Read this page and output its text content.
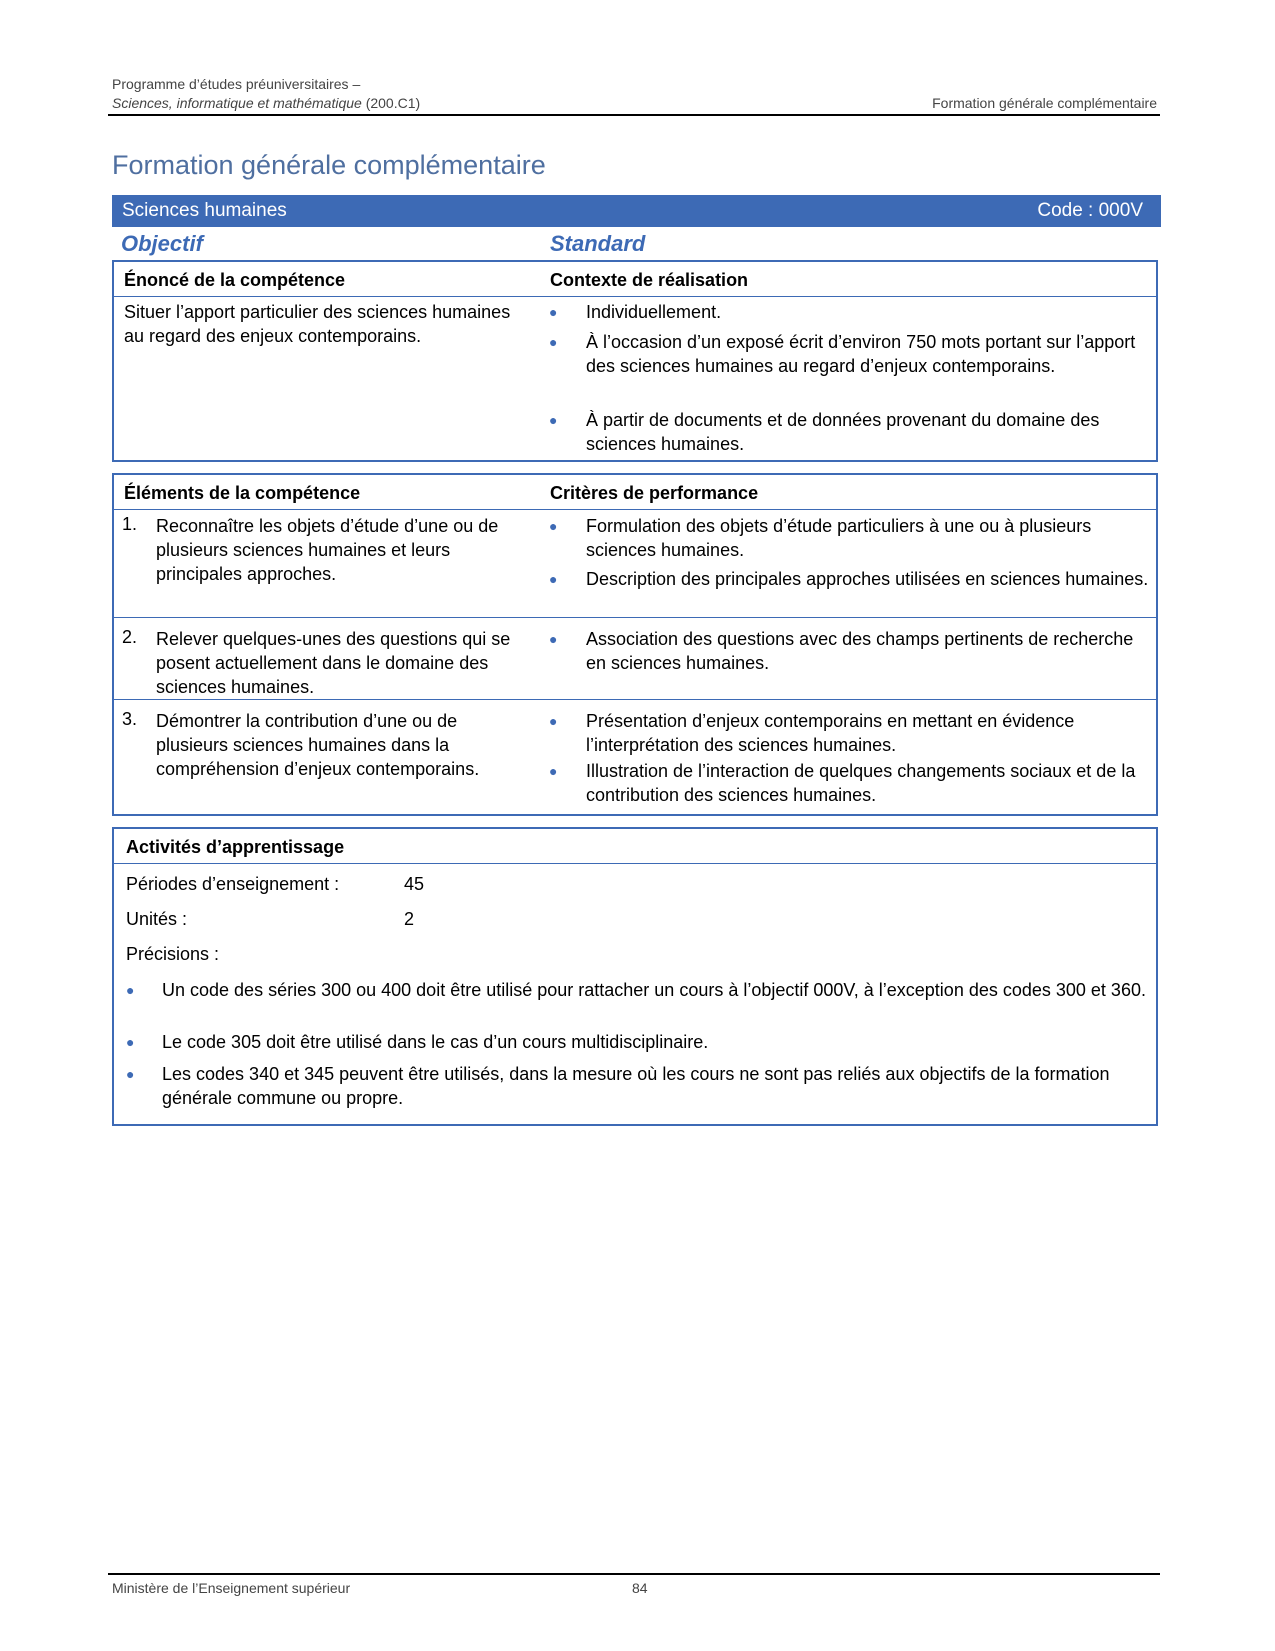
Programme d’études préuniversitaires –
Sciences, informatique et mathématique (200.C1)	Formation générale complémentaire
Formation générale complémentaire
Sciences humaines	Code : 000V
Objectif	Standard
Énoncé de la compétence	Contexte de réalisation
Situer l’apport particulier des sciences humaines au regard des enjeux contemporains.
● Individuellement.
● À l’occasion d’un exposé écrit d’environ 750 mots portant sur l’apport des sciences humaines au regard d’enjeux contemporains.
● À partir de documents et de données provenant du domaine des sciences humaines.
Éléments de la compétence	Critères de performance
1. Reconnaître les objets d’étude d’une ou de plusieurs sciences humaines et leurs principales approches.
● Formulation des objets d’étude particuliers à une ou à plusieurs sciences humaines.
● Description des principales approches utilisées en sciences humaines.
2. Relever quelques-unes des questions qui se posent actuellement dans le domaine des sciences humaines.
● Association des questions avec des champs pertinents de recherche en sciences humaines.
3. Démontrer la contribution d’une ou de plusieurs sciences humaines dans la compréhension d’enjeux contemporains.
● Présentation d’enjeux contemporains en mettant en évidence l’interprétation des sciences humaines.
● Illustration de l’interaction de quelques changements sociaux et de la contribution des sciences humaines.
Activités d’apprentissage
Périodes d’enseignement :	45
Unités :	2
Précisions :
● Un code des séries 300 ou 400 doit être utilisé pour rattacher un cours à l’objectif 000V, à l’exception des codes 300 et 360.
● Le code 305 doit être utilisé dans le cas d’un cours multidisciplinaire.
● Les codes 340 et 345 peuvent être utilisés, dans la mesure où les cours ne sont pas reliés aux objectifs de la formation générale commune ou propre.
Ministère de l’Enseignement supérieur	84
